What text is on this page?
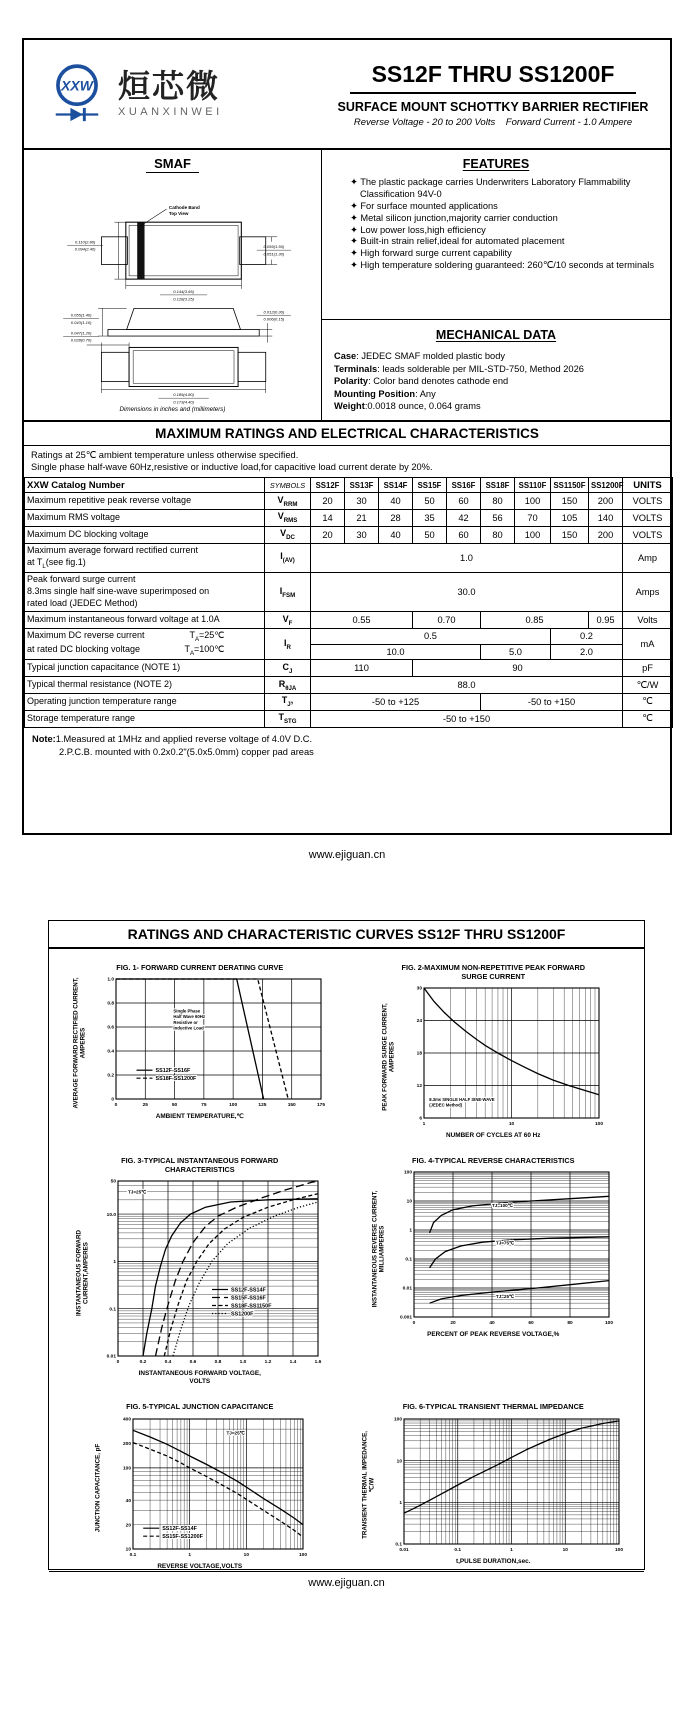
XXW 烜芯微
XUANXINWEI
SS12F THRU SS1200F
SURFACE MOUNT SCHOTTKY BARRIER RECTIFIER
Reverse Voltage - 20 to 200 Volts    Forward Current - 1.0 Ampere
SMAF
Cathode Band
Top View
0.110(2.80)
0.094(2.40)	0.059(1.50)
0.051(1.30)
0.144(3.65)
0.128(3.25)
0.055(1.40)
0.043(1.10)
0.012(0.30)
0.006(0.15)
0.047(1.20)
0.028(0.70)
0.189(4.80)
0.173(4.40)
Dimensions in inches and (millimeters)
FEATURES
✦ The plastic package carries Underwriters Laboratory Flammability Classification 94V-0
✦ For surface mounted applications
✦ Metal silicon junction,majority carrier conduction
✦ Low power loss,high efficiency
✦ Built-in strain relief,ideal for automated placement
✦ High forward surge current capability
✦ High temperature soldering guaranteed: 260℃/10 seconds at terminals
MECHANICAL DATA
Case: JEDEC SMAF molded plastic body
Terminals: leads solderable per MIL-STD-750, Method 2026
Polarity: Color band denotes cathode end
Mounting Position: Any
Weight:0.0018 ounce, 0.064 grams
MAXIMUM RATINGS AND ELECTRICAL CHARACTERISTICS
Ratings at 25℃ ambient temperature unless otherwise specified.
Single phase half-wave 60Hz,resistive or inductive load,for capacitive load current derate by 20%.
XXW Catalog Number	SYMBOLS	SS12F	SS13F	SS14F	SS15F	SS16F	SS18F	SS110F	SS1150F	SS1200F	UNITS

Maximum repetitive peak reverse voltage	$V_{RRM}$	20	30	40	50	60	80	100	150	200	VOLTS

Maximum RMS voltage	$V_{RMS}$	14	21	28	35	42	56	70	105	140	VOLTS

Maximum DC blocking voltage	$V_{DC}$	20	30	40	50	60	80	100	150	200	VOLTS

Maximum average forward rectified current
at $T_L(see$ fig.1)	$I_{(AV)}$	1.0									Amp

Peak forward surge current
8.3ms single half sine-wave superimposed on
rated load (JEDEC Method)	$I_{FSM}$	30.0									Amps

Maximum instantaneous forward voltage at 1.0A	$V_F$	0.55			0.70		0.85			0.95	Volts

Maximum DC reverse current $T_A=25℃$
at rated DC blocking voltage $T_A=100℃$	$I_R$	0.5							0.2		mA
		10.0					5.0		2.0		

Typical junction capacitance (NOTE 1)	$C_J$	110			90						pF

Typical thermal resistance (NOTE 2)	$R_{\theta JA}$	88.0									℃/W

Operating junction temperature range	$T_J$,	-50 to +125					-50 to +150				℃

Storage temperature range	$T_{STG}$	-50 to +150									℃
Note:1.Measured at 1MHz and applied reverse voltage of 4.0V D.C.
2.P.C.B. mounted with 0.2x0.2"(5.0x5.0mm) copper pad areas
www.ejiguan.cn
RATINGS AND CHARACTERISTIC CURVES SS12F THRU SS1200F
FIG. 1- FORWARD CURRENT DERATING CURVE
AVERAGE FORWARD RECTIFIED CURRENT, AMPERES
0	25	50	75	100	125	150	175
0
0.2
0.4
0.6
0.8
1.0
SS12F-SS16F
SS18F-SS1200F
Single Phase
Half Wave 60Hz
Resistive or
Inductive Load
AMBIENT TEMPERATURE,℃
FIG. 2-MAXIMUM NON-REPETITIVE PEAK FORWARD
SURGE CURRENT
PEAK FORWARD SURGE CURRENT, AMPERES
1	10	100
6
12
18
24
30
8.3ms SINGLE HALF SINE-WAVE
(JEDEC Method)
NUMBER OF CYCLES AT 60 Hz
FIG. 3-TYPICAL INSTANTANEOUS FORWARD
CHARACTERISTICS
INSTANTANEOUS FORWARD CURRENT,AMPERES
0	0.2	0.4	0.6	0.8	1.0	1.2	1.4	1.6
0.01
0.1
1
10.0
50
SS12F-SS14F
SS15F-SS16F
SS18F-SS1150F
SS1200F
TJ=25℃
INSTANTANEOUS FORWARD VOLTAGE,
VOLTS
FIG. 4-TYPICAL REVERSE CHARACTERISTICS
INSTANTANEOUS REVERSE CURRENT, MILLIAMPERES
0	20	40	60	80	100
0.001
0.01
0.1
1
10
100
TJ=100℃
TJ=75℃
TJ=25℃
PERCENT OF PEAK REVERSE VOLTAGE,%
FIG. 5-TYPICAL JUNCTION CAPACITANCE
JUNCTION CAPACITANCE, pF
0.1	1	10	100
10
20
40
100
200
400
SS12F-SS14F
SS15F-SS1200F
TJ=25℃
REVERSE VOLTAGE,VOLTS
FIG. 6-TYPICAL TRANSIENT THERMAL IMPEDANCE
TRANSIENT THERMAL IMPEDANCE, ℃/W
0.01	0.1	1	10	100
0.1
1
10
100
t,PULSE DURATION,sec.
www.ejiguan.cn
